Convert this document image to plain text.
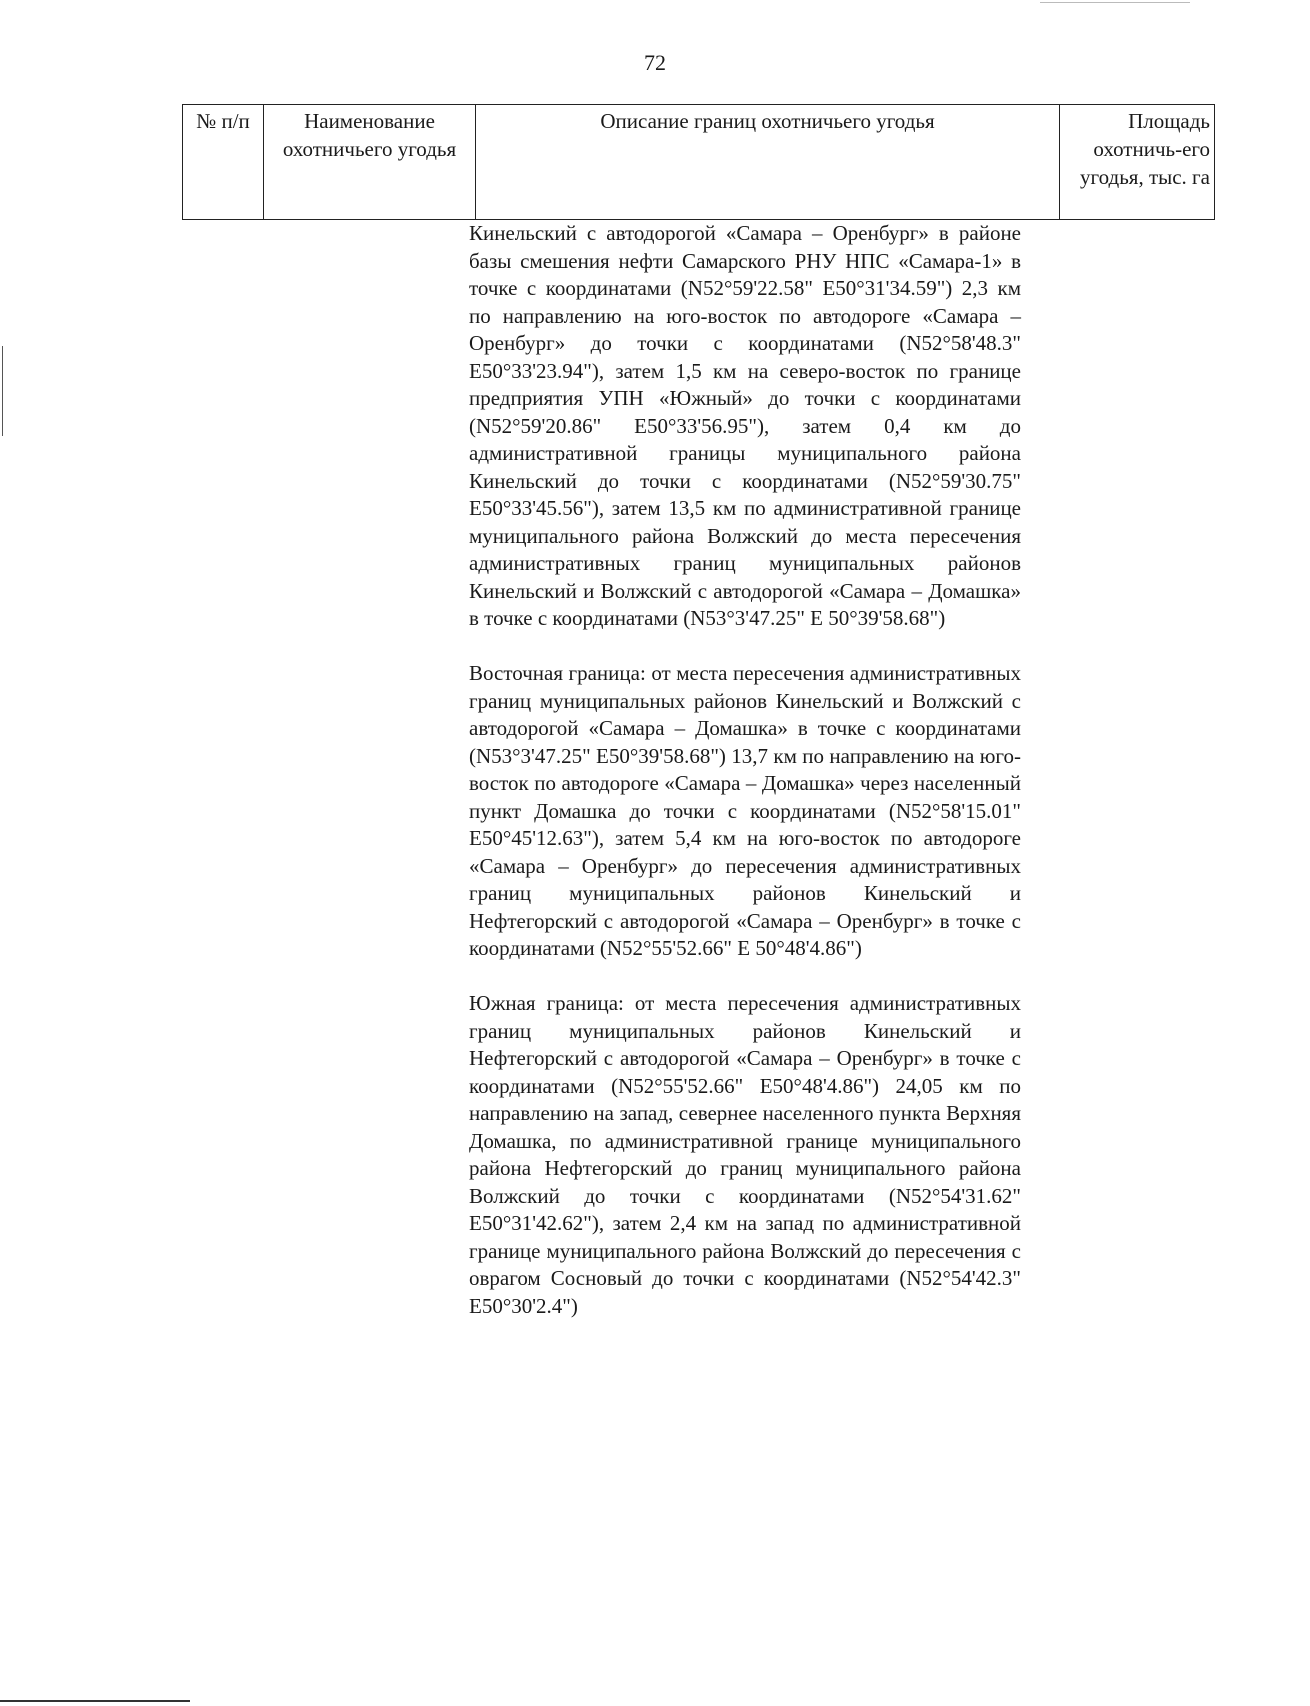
72
№ п/п	Наименование охотничьего угодья	Описание границ охотничьего угодья	Площадь охотничь-его угодья, тыс. га

Кинельский с автодорогой «Самара – Оренбург» в районе базы смешения нефти Самарского РНУ НПС «Самара-1» в точке с координатами (N52°59'22.58" E50°31'34.59") 2,3 км по направлению на юго-восток по автодороге «Самара – Оренбург» до точки с координатами (N52°58'48.3" E50°33'23.94"), затем 1,5 км на северо-восток по границе предприятия УПН «Южный» до точки с координатами (N52°59'20.86" E50°33'56.95"), затем 0,4 км до административной границы муниципального района Кинельский до точки с координатами (N52°59'30.75" E50°33'45.56"), затем 13,5 км по административной границе муниципального района Волжский до места пересечения административных границ муниципальных районов Кинельский и Волжский с автодорогой «Самара – Домашка» в точке с координатами (N53°3'47.25" E 50°39'58.68")

Восточная граница: от места пересечения административных границ муниципальных районов Кинельский и Волжский с автодорогой «Самара – Домашка» в точке с координатами (N53°3'47.25" E50°39'58.68") 13,7 км по направлению на юго-восток по автодороге «Самара – Домашка» через населенный пункт Домашка до точки с координатами (N52°58'15.01" E50°45'12.63"), затем 5,4 км на юго-восток по автодороге «Самара – Оренбург» до пересечения административных границ муниципальных районов Кинельский и Нефтегорский с автодорогой «Самара – Оренбург» в точке с координатами (N52°55'52.66" E 50°48'4.86")

Южная граница: от места пересечения административных границ муниципальных районов Кинельский и Нефтегорский с автодорогой «Самара – Оренбург» в точке с координатами (N52°55'52.66" E50°48'4.86") 24,05 км по направлению на запад, севернее населенного пункта Верхняя Домашка, по административной границе муниципального района Нефтегорский до границ муниципального района Волжский до точки с координатами (N52°54'31.62" E50°31'42.62"), затем 2,4 км на запад по административной границе муниципального района Волжский до пересечения с оврагом Сосновый до точки с координатами (N52°54'42.3" E50°30'2.4")
